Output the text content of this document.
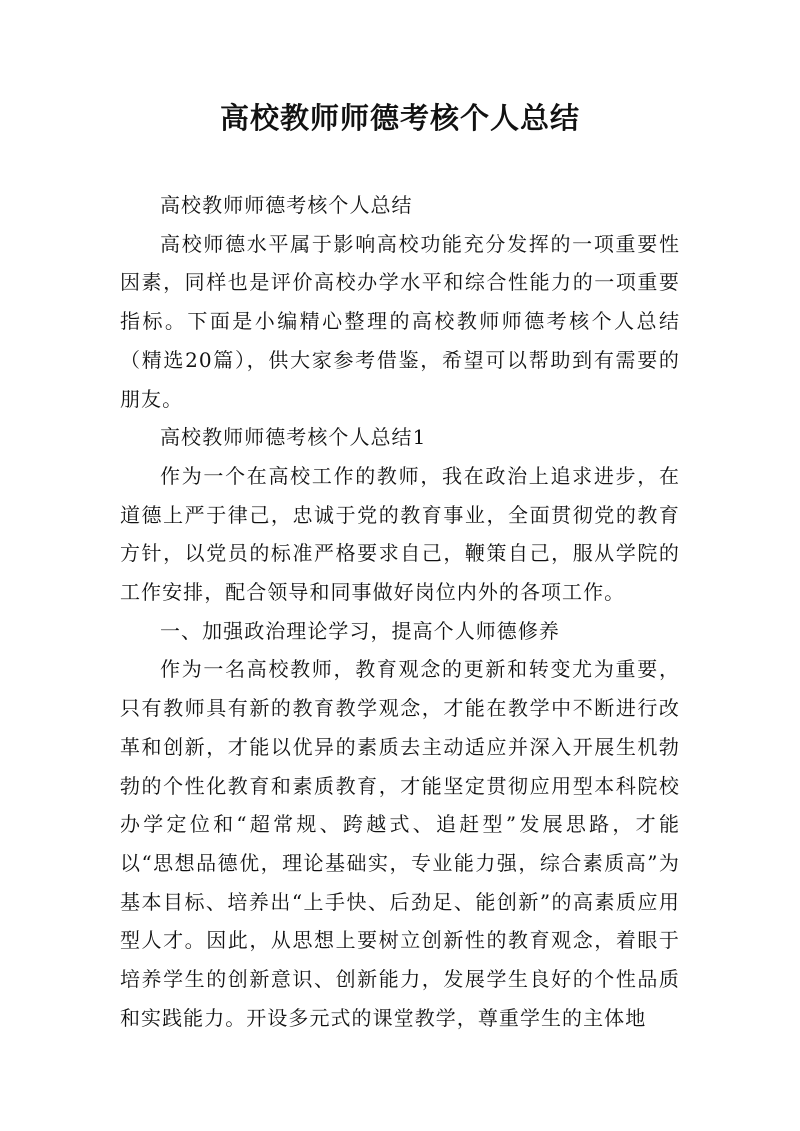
高校教师师德考核个人总结

高校教师师德考核个人总结

高校师德水平属于影响高校功能充分发挥的一项重要性因素，同样也是评价高校办学水平和综合性能力的一项重要指标。下面是小编精心整理的高校教师师德考核个人总结（精选20篇），供大家参考借鉴，希望可以帮助到有需要的朋友。

高校教师师德考核个人总结1

作为一个在高校工作的教师，我在政治上追求进步，在道德上严于律己，忠诚于党的教育事业，全面贯彻党的教育方针，以党员的标准严格要求自己，鞭策自己，服从学院的工作安排，配合领导和同事做好岗位内外的各项工作。

一、加强政治理论学习，提高个人师德修养

作为一名高校教师，教育观念的更新和转变尤为重要，只有教师具有新的教育教学观念，才能在教学中不断进行改革和创新，才能以优异的素质去主动适应并深入开展生机勃勃的个性化教育和素质教育，才能坚定贯彻应用型本科院校办学定位和“超常规、跨越式、追赶型”发展思路，才能以“思想品德优，理论基础实，专业能力强，综合素质高”为基本目标、培养出“上手快、后劲足、能创新”的高素质应用型人才。因此，从思想上要树立创新性的教育观念，着眼于培养学生的创新意识、创新能力，发展学生良好的个性品质和实践能力。开设多元式的课堂教学，尊重学生的主体地
